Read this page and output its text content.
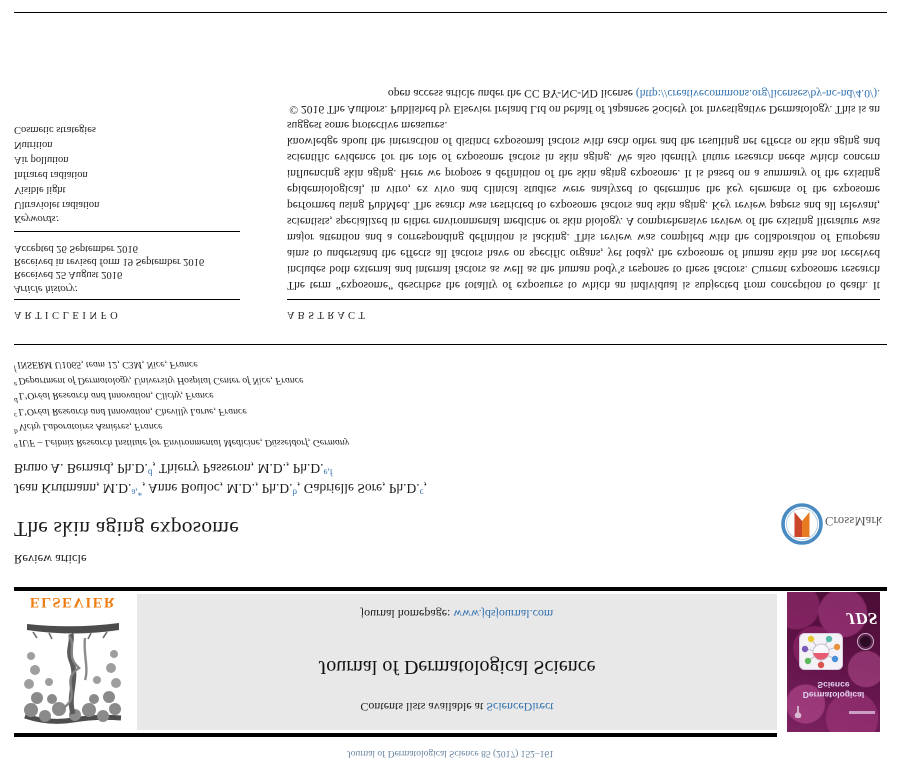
Journal of Dermatological Science 85 (2017) 152–161
ELSEVIER
Contents lists available at ScienceDirect
Journal of Dermatological Science
journal homepage: www.jdsjournal.com
Dermatological
Science
JDS
Review article
The skin aging exposome	CrossMark
Jean Krutmann, M.D.$^{a,*}$, Anne Bouloc, M.D., Ph.D.$^b$, Gabrielle Sore, Ph.D.$^c$,
Bruno A. Bernard, Ph.D.$^d$, Thierry Passeron, M.D., Ph.D.$^{e,f}$
$^a$IUF – Leibniz Research Institute for Environmental Medicine, Düsseldorf, Germany
$^b$Vichy Laboratoires Asnières, France
$^c$L’Oréal Research and Innovation, Chevilly Larue, France
$^d$L’Oréal Research and Innovation, Clichy, France
$^e$Department of Dermatology, University Hospital Center of Nice, France
$^f$INSERM U1065, team 12, C3M, Nice, France
A R T I C L E I N F O
Article history:
Received 25 August 2016
Received in revised form 19 September 2016
Accepted 26 September 2016
Keywords:
Ultraviolet radiation
Visible light
Infrared radiation
Air pollution
Nutrition
Cosmetic strategies
A B S T R A C T

The term “exposome” describes the totality of exposures to which an individual is subjected from conception to death. It includes both external and internal factors as well as the human body’s response to these factors. Current exposome research aims to understand the effects all factors have on specific organs, yet today, the exposome of human skin has not received major attention and a corresponding definition is lacking. This review was compiled with the collaboration of European scientists, specialized in either environmental medicine or skin biology. A comprehensive review of the existing literature was performed using PubMed. The search was restricted to exposome factors and skin aging. Key review papers and all relevant, epidemiological, in vitro, ex vivo and clinical studies were analyzed to determine the key elements of the exposome influencing skin aging. Here we propose a definition of the skin aging exposome. It is based on a summary of the existing scientific evidence for the role of exposome factors in skin aging. We also identify future research needs which concern knowledge about the interaction of distinct exposomal factors with each other and the resulting net effects on skin aging and suggest some protective measures.

© 2016 The Authors. Published by Elsevier Ireland Ltd on behalf of Japanese Society for Investigative Dermatology. This is an open access article under the CC BY-NC-ND license (http://creativecommons.org/licenses/by-nc-nd/4.0/).
